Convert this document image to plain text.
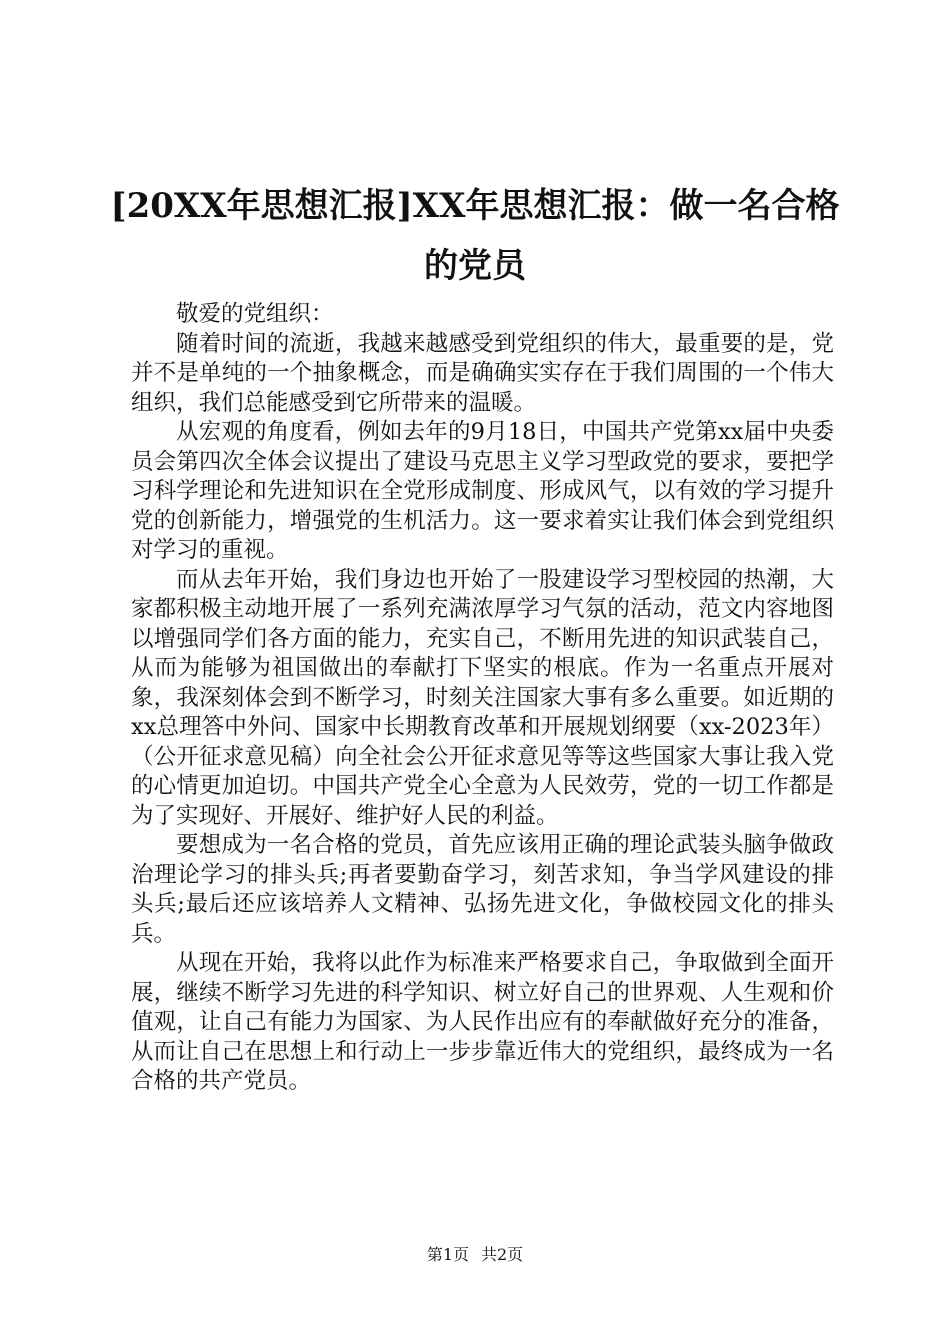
[20XX年思想汇报]XX年思想汇报：做一名合格的党员

敬爱的党组织：

随着时间的流逝，我越来越感受到党组织的伟大，最重要的是，党并不是单纯的一个抽象概念，而是确确实实存在于我们周围的一个伟大组织，我们总能感受到它所带来的温暖。

从宏观的角度看，例如去年的9月18日，中国共产党第xx届中央委员会第四次全体会议提出了建设马克思主义学习型政党的要求，要把学习科学理论和先进知识在全党形成制度、形成风气，以有效的学习提升党的创新能力，增强党的生机活力。这一要求着实让我们体会到党组织对学习的重视。

而从去年开始，我们身边也开始了一股建设学习型校园的热潮，大家都积极主动地开展了一系列充满浓厚学习气氛的活动，范文内容地图以增强同学们各方面的能力，充实自己，不断用先进的知识武装自己，从而为能够为祖国做出的奉献打下坚实的根底。作为一名重点开展对象，我深刻体会到不断学习，时刻关注国家大事有多么重要。如近期的xx总理答中外问、国家中长期教育改革和开展规划纲要（xx-2023年）（公开征求意见稿）向全社会公开征求意见等等这些国家大事让我入党的心情更加迫切。中国共产党全心全意为人民效劳，党的一切工作都是为了实现好、开展好、维护好人民的利益。

要想成为一名合格的党员，首先应该用正确的理论武装头脑争做政治理论学习的排头兵;再者要勤奋学习，刻苦求知，争当学风建设的排头兵;最后还应该培养人文精神、弘扬先进文化，争做校园文化的排头兵。

从现在开始，我将以此作为标准来严格要求自己，争取做到全面开展，继续不断学习先进的科学知识、树立好自己的世界观、人生观和价值观，让自己有能力为国家、为人民作出应有的奉献做好充分的准备，从而让自己在思想上和行动上一步步靠近伟大的党组织，最终成为一名合格的共产党员。

第1页 共2页
